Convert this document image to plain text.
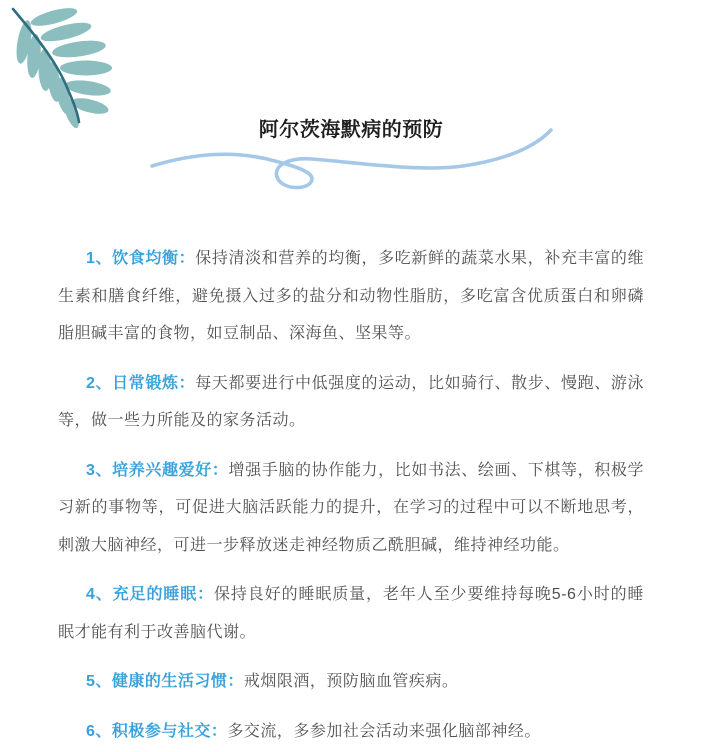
阿尔茨海默病的预防

1、饮食均衡：保持清淡和营养的均衡，多吃新鲜的蔬菜水果，补充丰富的维生素和膳食纤维，避免摄入过多的盐分和动物性脂肪，多吃富含优质蛋白和卵磷脂胆碱丰富的食物，如豆制品、深海鱼、坚果等。

2、日常锻炼：每天都要进行中低强度的运动，比如骑行、散步、慢跑、游泳等，做一些力所能及的家务活动。

3、培养兴趣爱好：增强手脑的协作能力，比如书法、绘画、下棋等，积极学习新的事物等，可促进大脑活跃能力的提升，在学习的过程中可以不断地思考，刺激大脑神经，可进一步释放迷走神经物质乙酰胆碱，维持神经功能。

4、充足的睡眠：保持良好的睡眠质量，老年人至少要维持每晚5-6小时的睡眠才能有利于改善脑代谢。

5、健康的生活习惯：戒烟限酒，预防脑血管疾病。

6、积极参与社交：多交流，多参加社会活动来强化脑部神经。
